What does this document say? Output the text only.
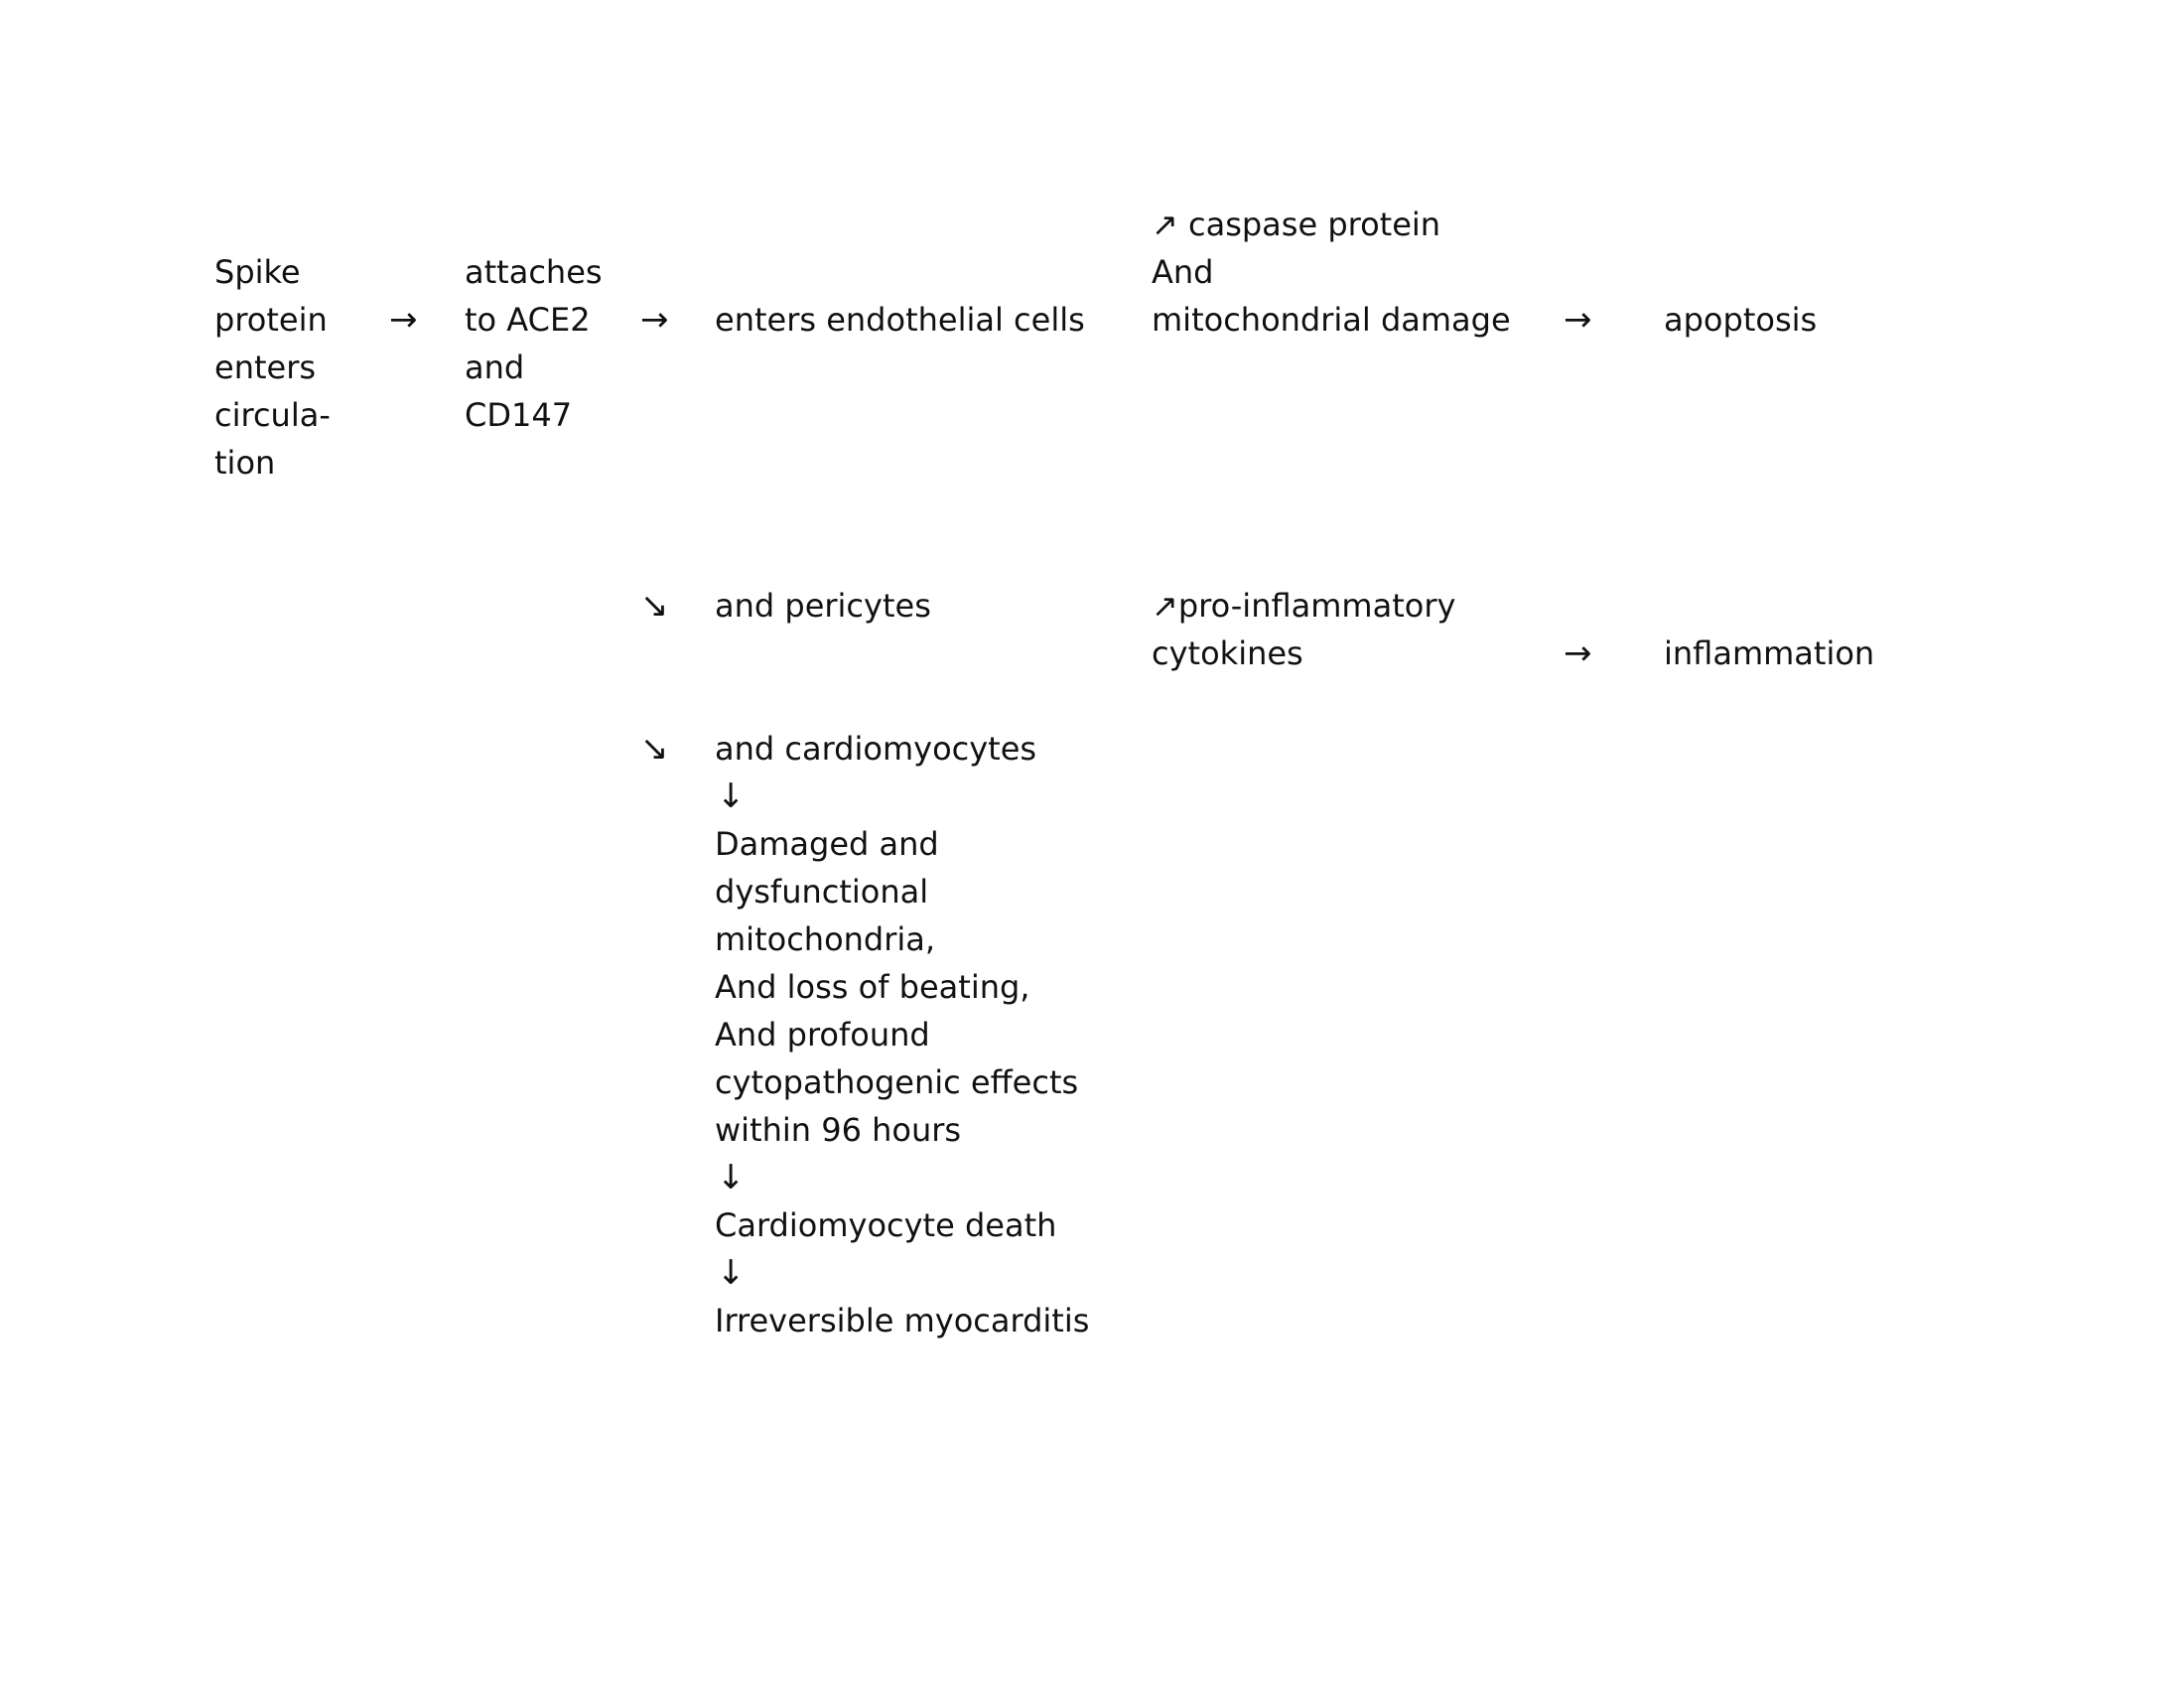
Spike
protein
enters
circula-
tion
→
attaches
to ACE2
and
CD147
→ enters endothelial cells
↗ caspase protein
And
mitochondrial damage → apoptosis
↘ and pericytes	↗pro-inflammatory
cytokines	→ inflammation
↘ and cardiomyocytes
↓
Damaged and
dysfunctional
mitochondria,
And loss of beating,
And profound
cytopathogenic effects
within 96 hours
↓
Cardiomyocyte death
↓
Irreversible myocarditis
